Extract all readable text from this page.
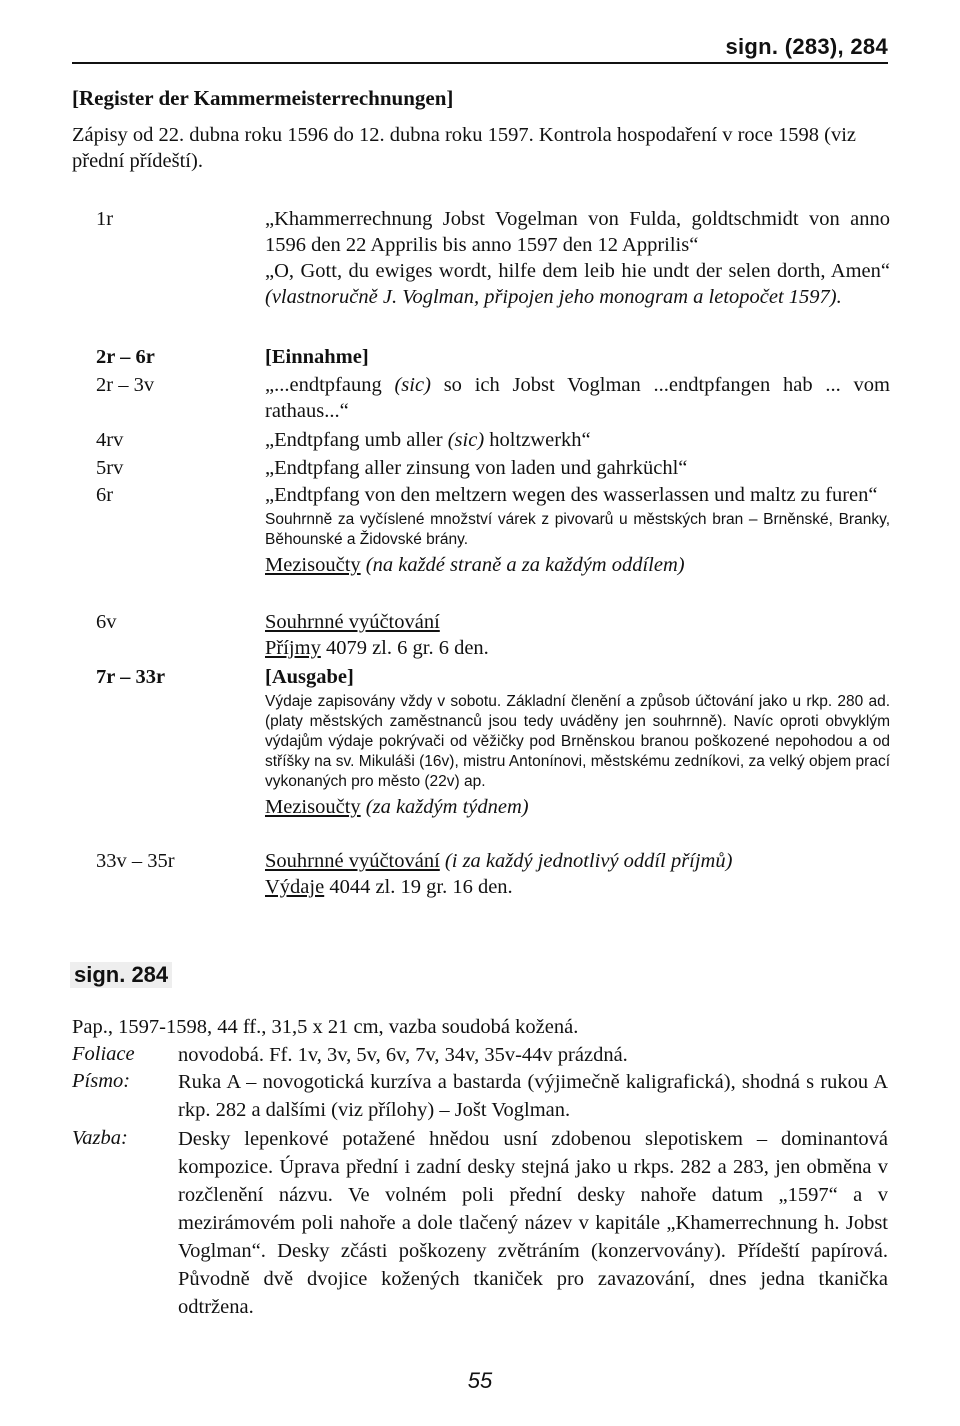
sign. (283), 284
[Register der Kammermeisterrechnungen]
Zápisy od 22. dubna roku 1596 do 12. dubna roku 1597. Kontrola hospodaření v roce 1598 (viz přední přídeští).
1r	„Khammerrechnung Jobst Vogelman von Fulda, goldtschmidt von anno 1596 den 22 Apprilis bis anno 1597 den 12 Apprilis“
„O, Gott, du ewiges wordt, hilfe dem leib hie undt der selen dorth, Amen“ (vlastnoručně J. Voglman, připojen jeho monogram a letopočet 1597).
2r – 6r	[Einnahme]
2r – 3v	„...endtpfaung (sic) so ich Jobst Voglman ...endtpfangen hab ... vom rathaus...“
4rv	„Endtpfang umb aller (sic) holtzwerkh“
5rv	„Endtpfang aller zinsung von laden und gahrküchl“
6r	„Endtpfang von den meltzern wegen des wasserlassen und maltz zu furen“
Souhrnně za vyčíslené množství várek z pivovarů u městských bran – Brněnské, Branky, Běhounské a Židovské brány.
Mezisoučty (na každé straně a za každým oddílem)
6v	Souhrnné vyúčtování
Příjmy 4079 zl. 6 gr. 6 den.
7r – 33r	[Ausgabe]
Výdaje zapisovány vždy v sobotu. Základní členění a způsob účtování jako u rkp. 280 ad. (platy městských zaměstnanců jsou tedy uváděny jen souhrnně). Navíc oproti obvyklým výdajům výdaje pokrývači od věžičky pod Brněnskou branou poškozené nepohodou a od stříšky na sv. Mikuláši (16v), mistru Antonínovi, městskému zedníkovi, za velký objem prací vykonaných pro město (22v) ap.
Mezisoučty (za každým týdnem)
33v – 35r	Souhrnné vyúčtování (i za každý jednotlivý oddíl příjmů)
Výdaje 4044 zl. 19 gr. 16 den.
sign. 284
Pap., 1597-1598, 44 ff., 31,5 x 21 cm, vazba soudobá kožená.
Foliace novodobá. Ff. 1v, 3v, 5v, 6v, 7v, 34v, 35v-44v prázdná.
Písmo: Ruka A – novogotická kurzíva a bastarda (výjimečně kaligrafická), shodná s rukou A rkp. 282 a dalšími (viz přílohy) – Jošt Voglman.
Vazba: Desky lepenkové potažené hnědou usní zdobenou slepotiskem – dominantová kompozice. Úprava přední i zadní desky stejná jako u rkps. 282 a 283, jen obměna v rozčlenění názvu. Ve volném poli přední desky nahoře datum „1597“ a v mezirámovém poli nahoře a dole tlačený název v kapitále „Khamerrechnung h. Jobst Voglman“. Desky zčásti poškozeny zvětráním (konzervovány). Přídeští papírová. Původně dvě dvojice kožených tkaniček pro zavazování, dnes jedna tkanička odtržena.
55
